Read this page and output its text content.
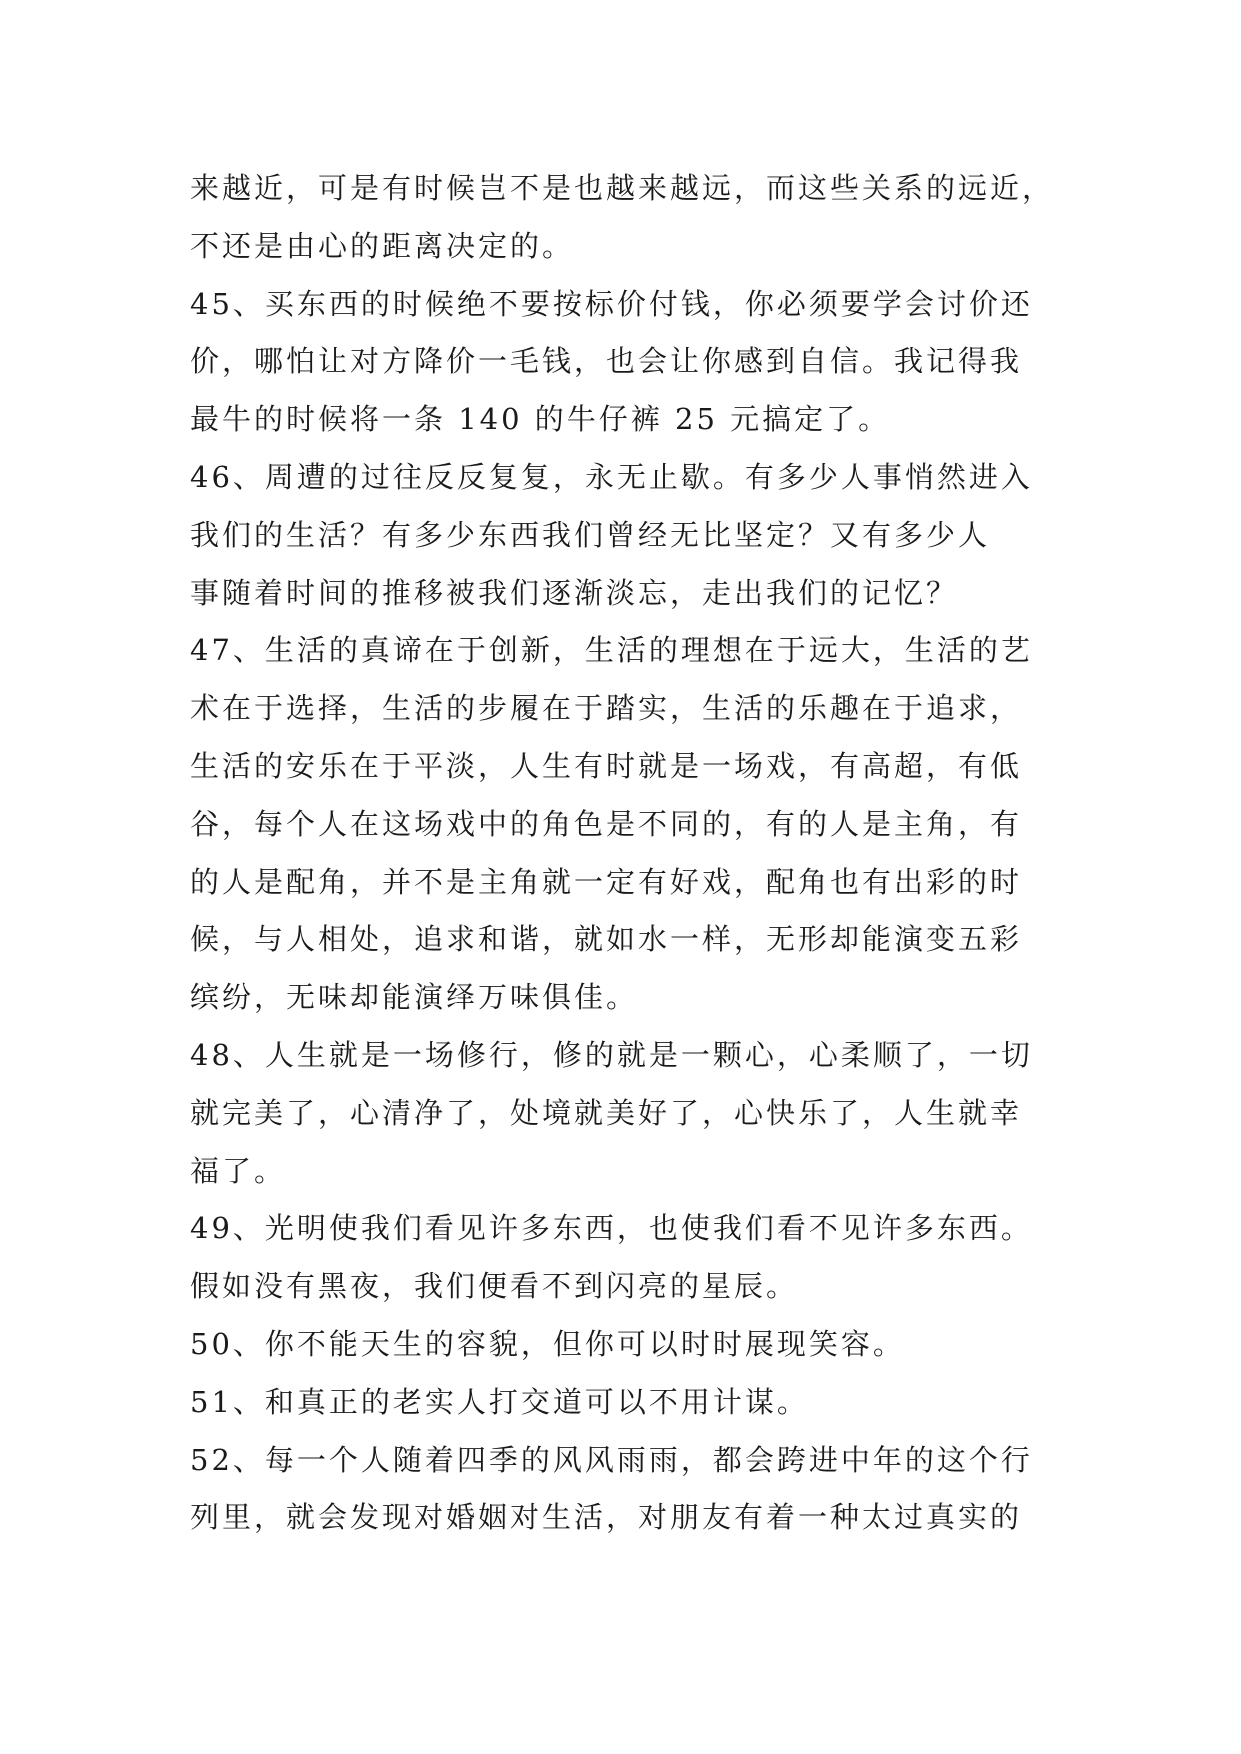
来越近，可是有时候岂不是也越来越远，而这些关系的远近，
不还是由心的距离决定的。
45、买东西的时候绝不要按标价付钱，你必须要学会讨价还
价，哪怕让对方降价一毛钱，也会让你感到自信。我记得我
最牛的时候将一条 140 的牛仔裤 25 元搞定了。
46、周遭的过往反反复复，永无止歇。有多少人事悄然进入
我们的生活？有多少东西我们曾经无比坚定？又有多少人
事随着时间的推移被我们逐渐淡忘，走出我们的记忆？
47、生活的真谛在于创新，生活的理想在于远大，生活的艺
术在于选择，生活的步履在于踏实，生活的乐趣在于追求，
生活的安乐在于平淡，人生有时就是一场戏，有高超，有低
谷，每个人在这场戏中的角色是不同的，有的人是主角，有
的人是配角，并不是主角就一定有好戏，配角也有出彩的时
候，与人相处，追求和谐，就如水一样，无形却能演变五彩
缤纷，无味却能演绎万味俱佳。
48、人生就是一场修行，修的就是一颗心，心柔顺了，一切
就完美了，心清净了，处境就美好了，心快乐了，人生就幸
福了。
49、光明使我们看见许多东西，也使我们看不见许多东西。
假如没有黑夜，我们便看不到闪亮的星辰。
50、你不能天生的容貌，但你可以时时展现笑容。
51、和真正的老实人打交道可以不用计谋。
52、每一个人随着四季的风风雨雨，都会跨进中年的这个行
列里，就会发现对婚姻对生活，对朋友有着一种太过真实的
